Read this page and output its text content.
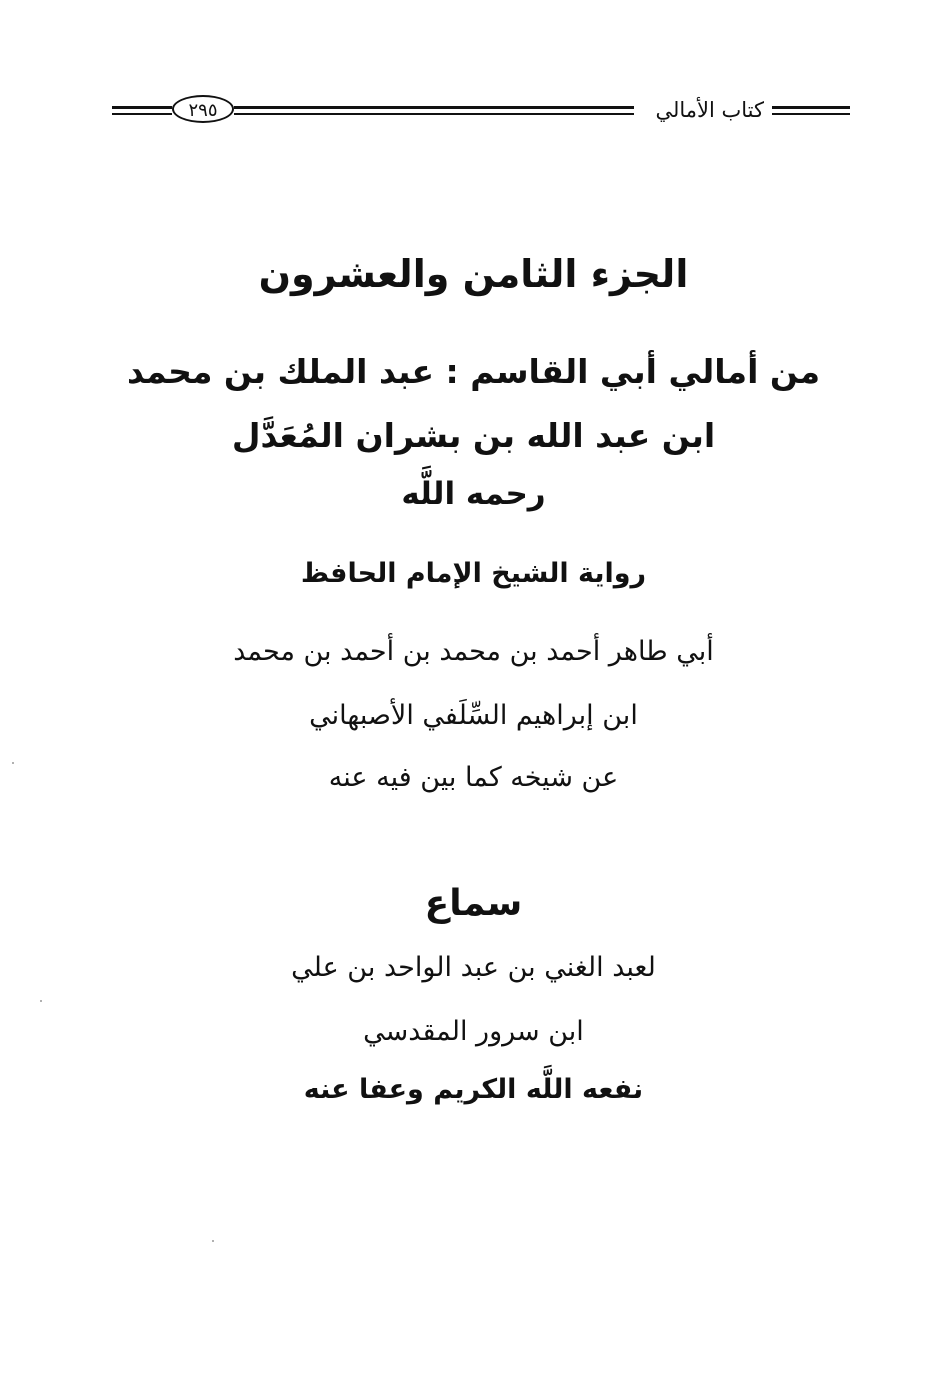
كتاب الأمالي
٢٩٥
الجزء الثامن والعشرون
من أمالي أبي القاسم : عبد الملك بن محمد
ابن عبد الله بن بشران المُعَدَّل
رحمه اللَّه
رواية الشيخ الإمام الحافظ
أبي طاهر أحمد بن محمد بن أحمد بن محمد
ابن إبراهيم السِّلَفي الأصبهاني
عن شيخه كما بين فيه عنه
سماع
لعبد الغني بن عبد الواحد بن علي
ابن سرور المقدسي
نفعه اللَّه الكريم وعفا عنه
